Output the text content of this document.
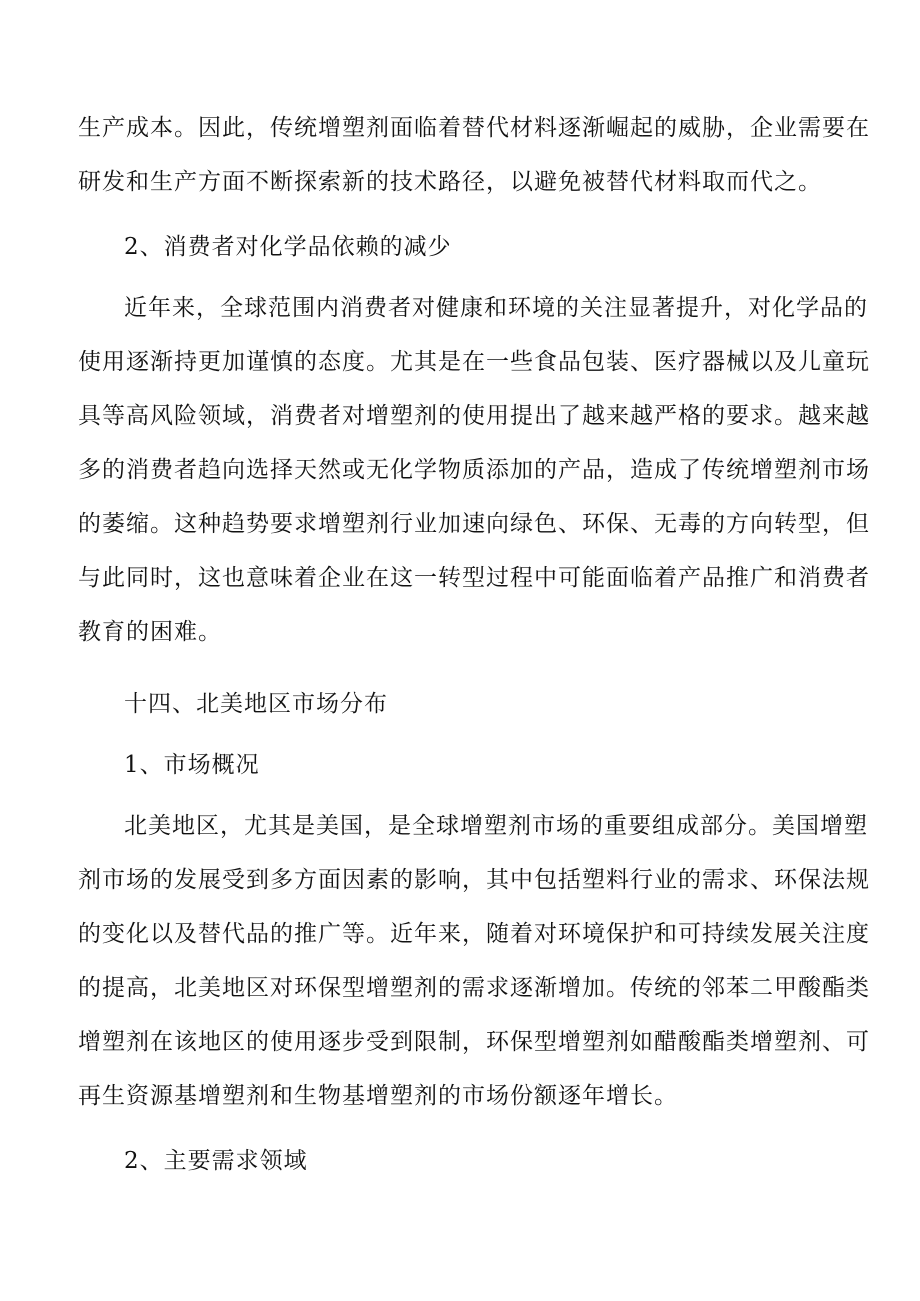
生产成本。因此，传统增塑剂面临着替代材料逐渐崛起的威胁，企业需要在
研发和生产方面不断探索新的技术路径，以避免被替代材料取而代之。
2、消费者对化学品依赖的减少
近年来，全球范围内消费者对健康和环境的关注显著提升，对化学品的
使用逐渐持更加谨慎的态度。尤其是在一些食品包装、医疗器械以及儿童玩
具等高风险领域，消费者对增塑剂的使用提出了越来越严格的要求。越来越
多的消费者趋向选择天然或无化学物质添加的产品，造成了传统增塑剂市场
的萎缩。这种趋势要求增塑剂行业加速向绿色、环保、无毒的方向转型，但
与此同时，这也意味着企业在这一转型过程中可能面临着产品推广和消费者
教育的困难。
十四、北美地区市场分布
1、市场概况
北美地区，尤其是美国，是全球增塑剂市场的重要组成部分。美国增塑
剂市场的发展受到多方面因素的影响，其中包括塑料行业的需求、环保法规
的变化以及替代品的推广等。近年来，随着对环境保护和可持续发展关注度
的提高，北美地区对环保型增塑剂的需求逐渐增加。传统的邻苯二甲酸酯类
增塑剂在该地区的使用逐步受到限制，环保型增塑剂如醋酸酯类增塑剂、可
再生资源基增塑剂和生物基增塑剂的市场份额逐年增长。
2、主要需求领域
